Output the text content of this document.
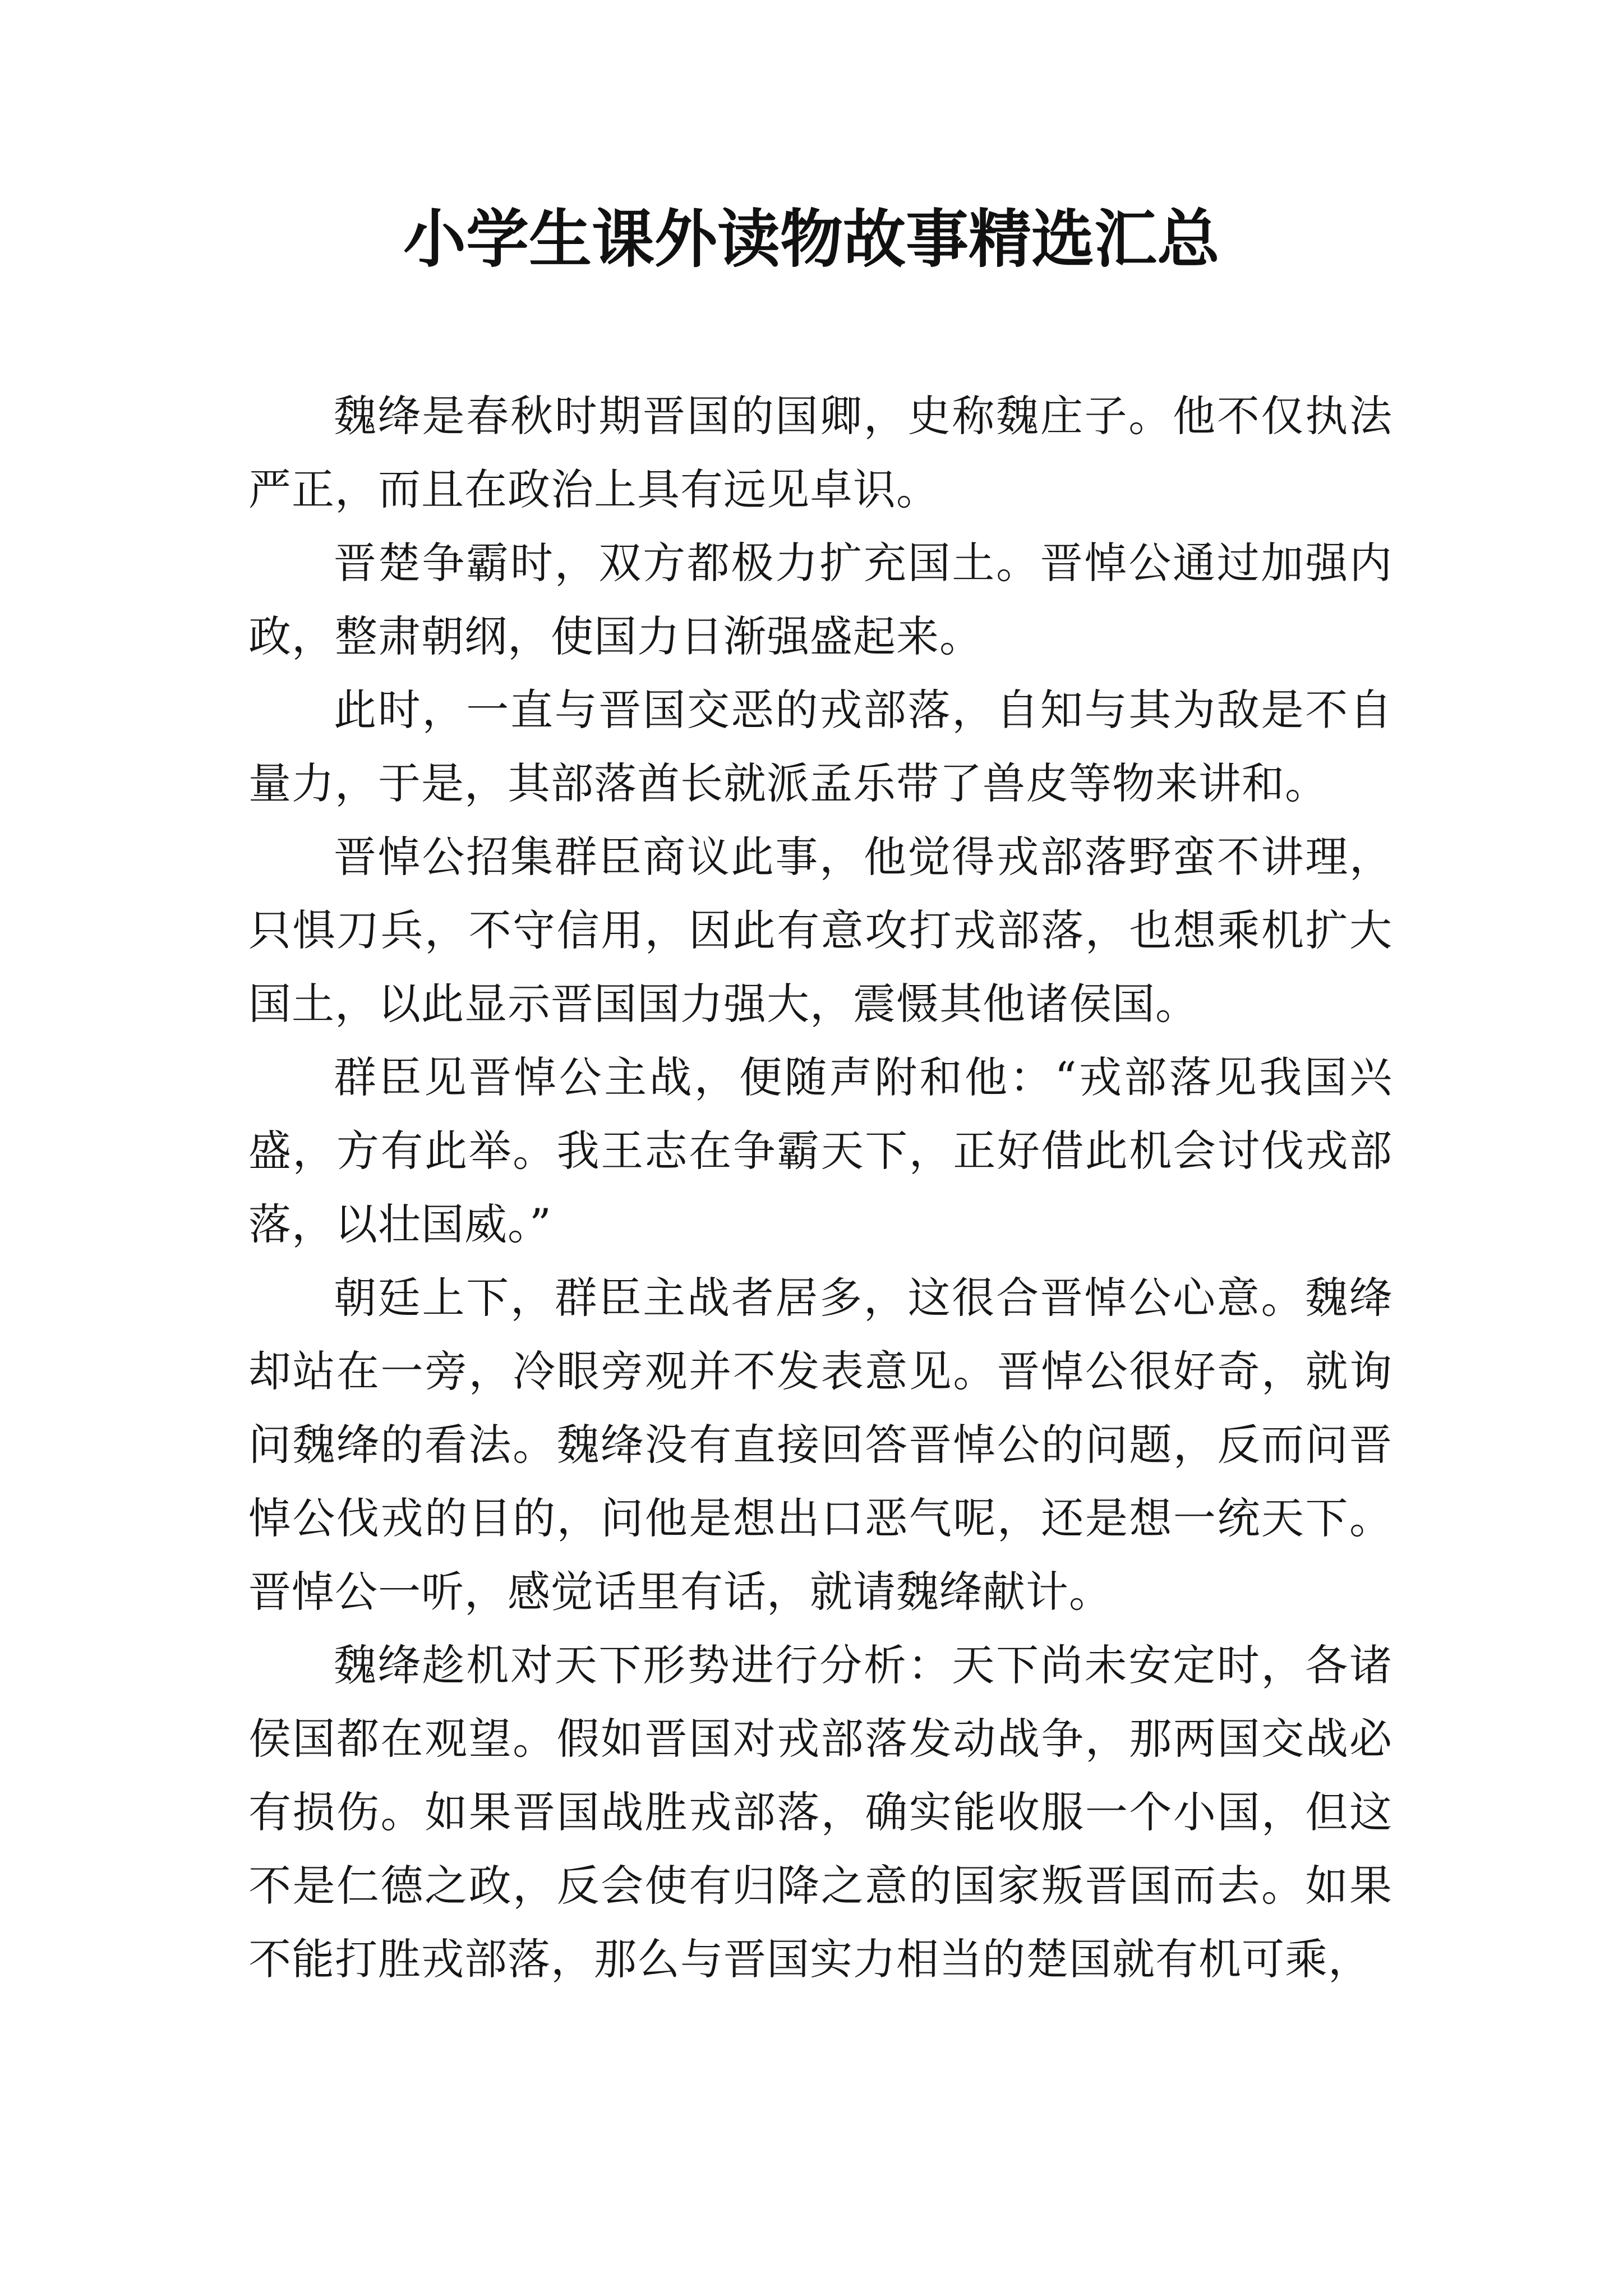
小学生课外读物故事精选汇总

魏绛是春秋时期晋国的国卿，史称魏庄子。他不仅执法严正，而且在政治上具有远见卓识。

晋楚争霸时，双方都极力扩充国土。晋悼公通过加强内政，整肃朝纲，使国力日渐强盛起来。

此时，一直与晋国交恶的戎部落，自知与其为敌是不自量力，于是，其部落酋长就派孟乐带了兽皮等物来讲和。

晋悼公招集群臣商议此事，他觉得戎部落野蛮不讲理，只惧刀兵，不守信用，因此有意攻打戎部落，也想乘机扩大国土，以此显示晋国国力强大，震慑其他诸侯国。

群臣见晋悼公主战，便随声附和他：“戎部落见我国兴盛，方有此举。我王志在争霸天下，正好借此机会讨伐戎部落，以壮国威。”

朝廷上下，群臣主战者居多，这很合晋悼公心意。魏绛却站在一旁，冷眼旁观并不发表意见。晋悼公很好奇，就询问魏绛的看法。魏绛没有直接回答晋悼公的问题，反而问晋悼公伐戎的目的，问他是想出口恶气呢，还是想一统天下。晋悼公一听，感觉话里有话，就请魏绛献计。

魏绛趁机对天下形势进行分析：天下尚未安定时，各诸侯国都在观望。假如晋国对戎部落发动战争，那两国交战必有损伤。如果晋国战胜戎部落，确实能收服一个小国，但这不是仁德之政，反会使有归降之意的国家叛晋国而去。如果不能打胜戎部落，那么与晋国实力相当的楚国就有机可乘，
